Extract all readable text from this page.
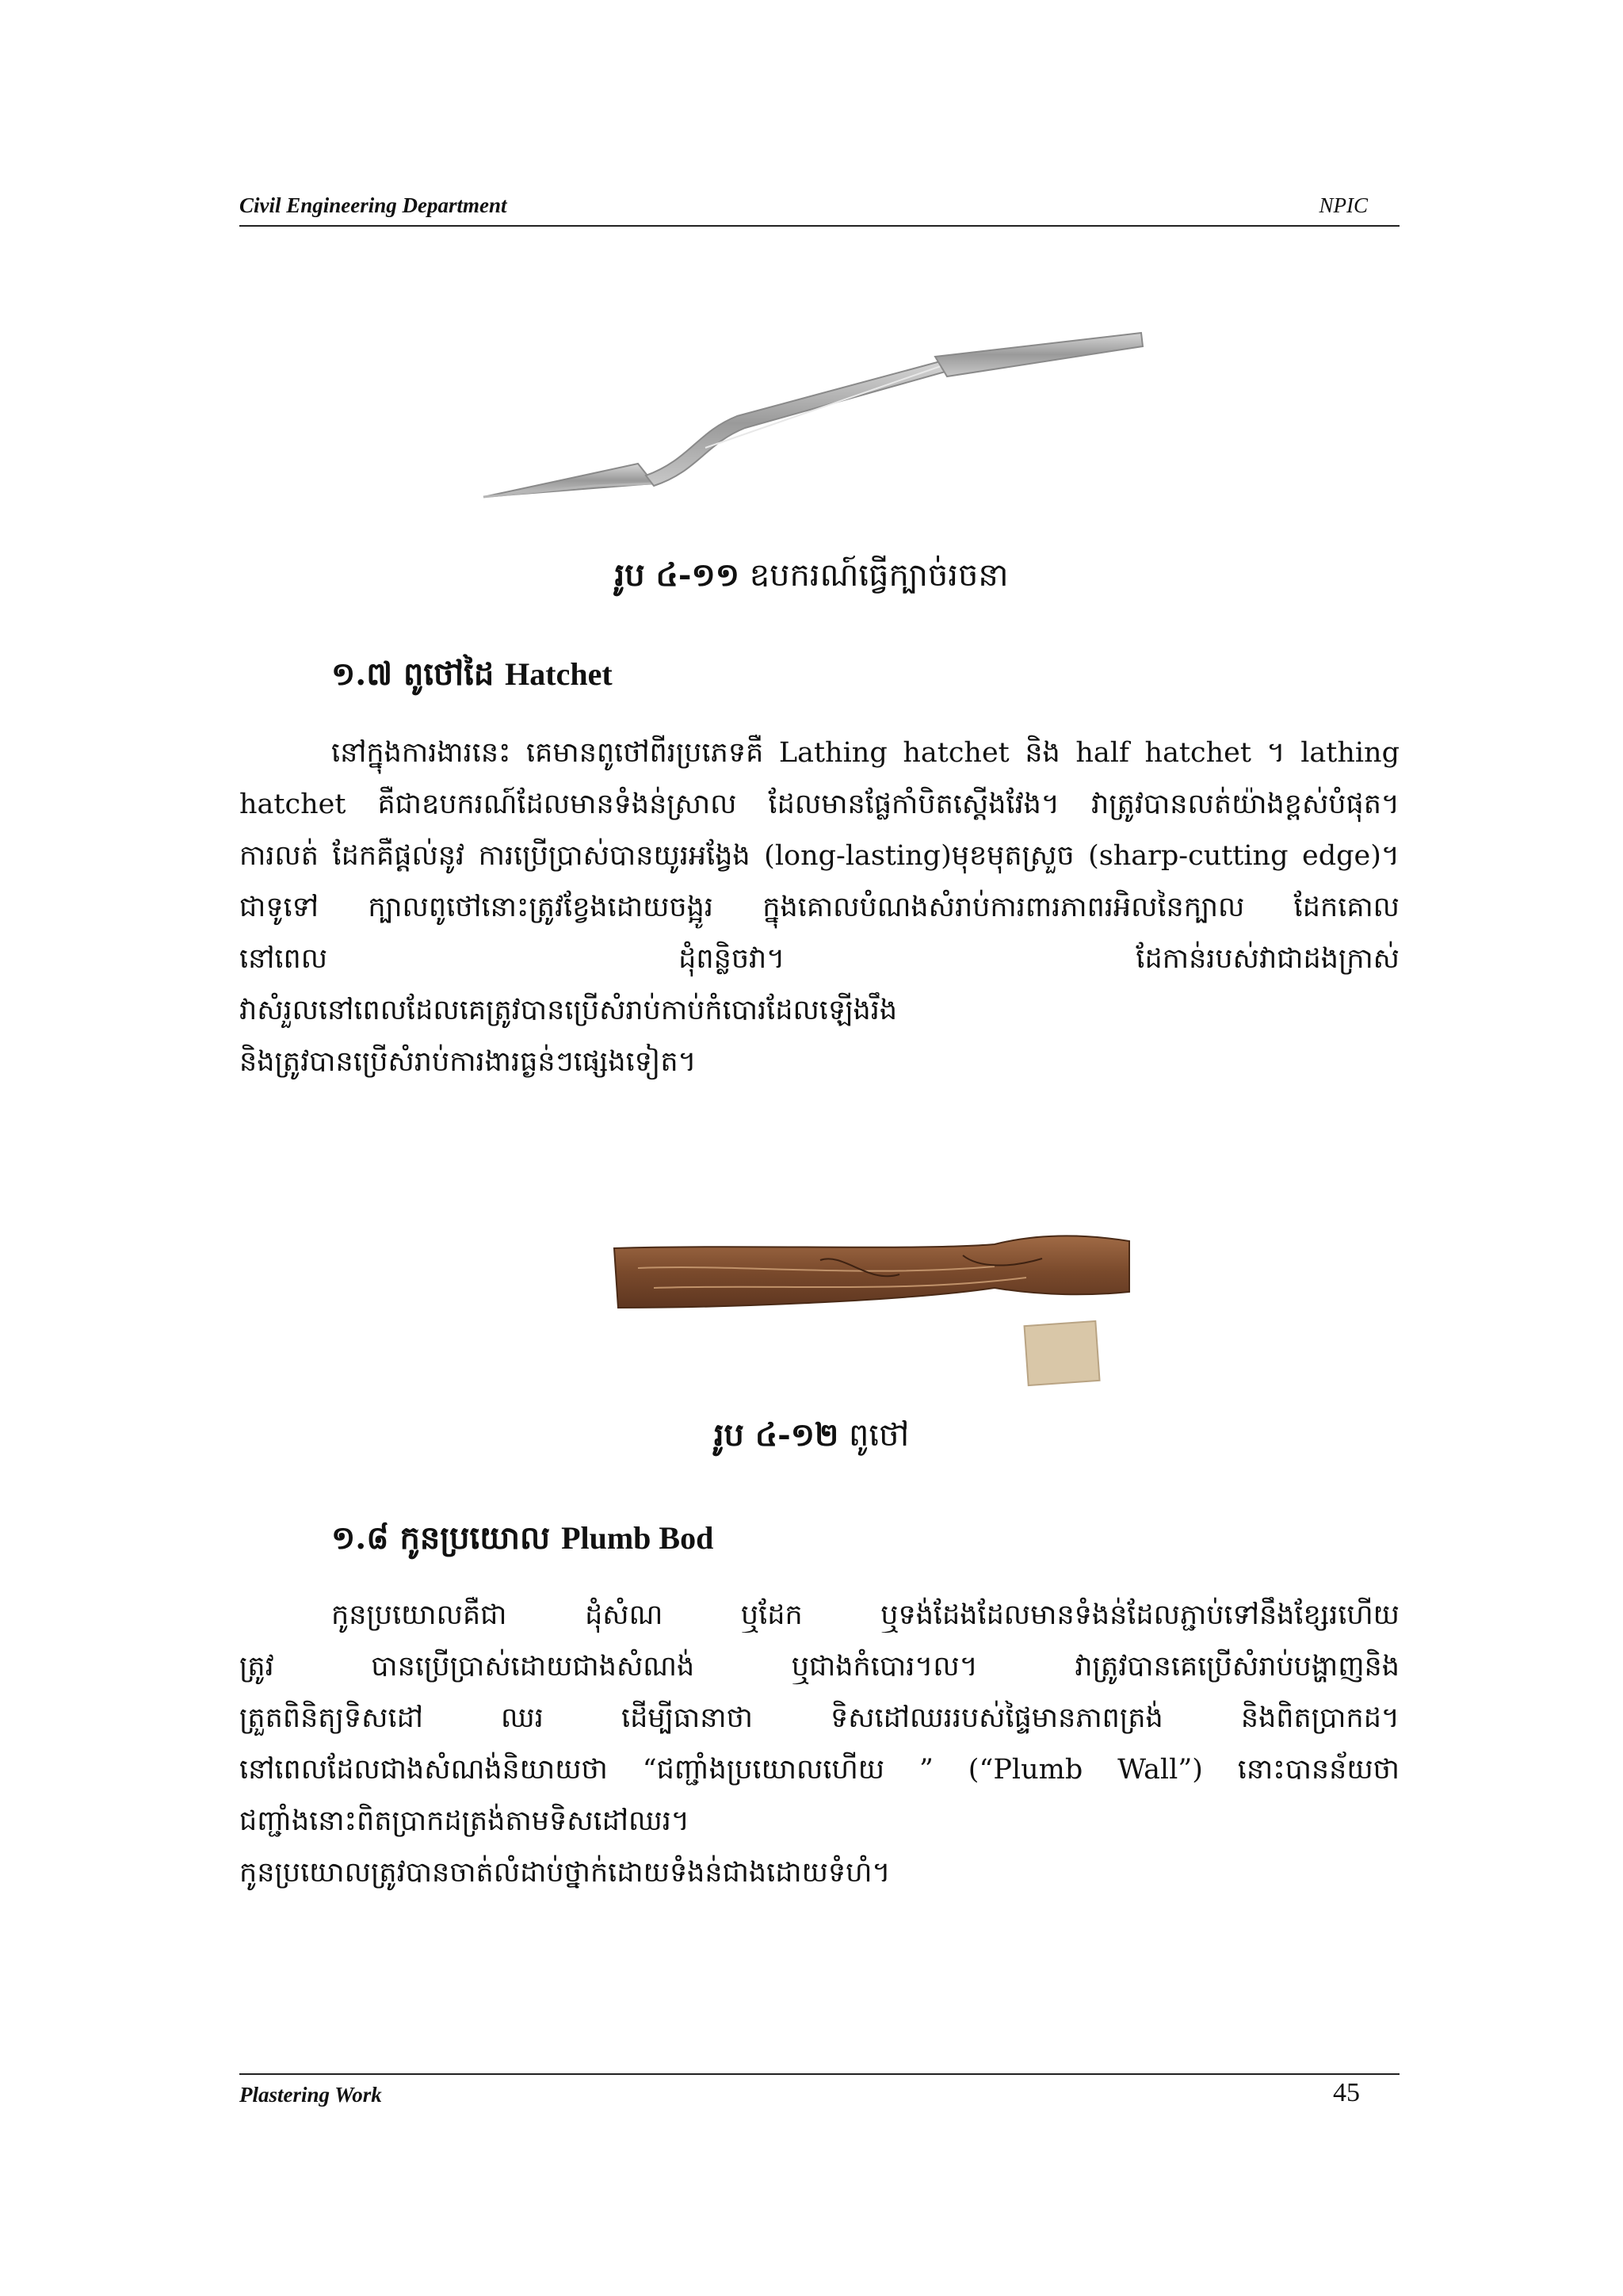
Civil Engineering Department	NPIC
រូប ៤-១១ ឧបករណ៍ធ្វើក្បាច់រចនា
១.៧ ពូថៅដៃ Hatchet

នៅក្នុងការងារនេះ គេមានពូថៅពីរប្រភេទគឺ Lathing hatchet និង half hatchet ។ lathing

hatchet គឺជាឧបករណ៍ដែលមានទំងន់ស្រាល ដែលមានផ្លែកាំបិតស្តើងវែង។ វាត្រូវបានលត់យ៉ាងខ្ពស់បំផុត។

ការលត់ ដែកគឺផ្តល់នូវ ការប្រើប្រាស់បានយូរអង្វែង (long-lasting)មុខមុតស្រួច (sharp-cutting edge)។

ជាទូទៅ ក្បាលពូថៅនោះត្រូវខ្វែងដោយចង្អូរ ក្នុងគោលបំណងសំរាប់ការពារភាពរអិលនៃក្បាល ដែកគោល

នៅពេល ដុំពន្លិចវា។ ដែកាន់របស់វាជាដងក្រាស់

វាសំរួលនៅពេលដែលគេត្រូវបានប្រើសំរាប់កាប់កំបោរដែលឡើងរឹង

និងត្រូវបានប្រើសំរាប់ការងារធ្ងន់ៗផ្សេងទៀត។

រូប ៤-១២ ពូថៅ
១.៨ កូនប្រយោល Plumb Bod

កូនប្រយោលគឺជា ដុំសំណ ឬដែក ឬទង់ដែងដែលមានទំងន់ដែលភ្ជាប់ទៅនឹងខ្សែរហើយ

ត្រូវ បានប្រើប្រាស់ដោយជាងសំណង់ ឬជាងកំបោរ។ល។ វាត្រូវបានគេប្រើសំរាប់បង្ហាញនិង

ត្រួតពិនិត្យទិសដៅ ឈរ ដើម្បីធានាថា ទិសដៅឈររបស់ផ្ទៃមានភាពត្រង់ និងពិតប្រាកដ។

នៅពេលដែលជាងសំណង់និយាយថា “ជញ្ជាំងប្រយោលហើយ ” (“Plumb Wall”) នោះបានន័យថា

ជញ្ជាំងនោះពិតប្រាកដត្រង់តាមទិសដៅឈរ។

កូនប្រយោលត្រូវបានចាត់លំដាប់ថ្នាក់ដោយទំងន់ជាងដោយទំហំ។

Plastering Work	45
